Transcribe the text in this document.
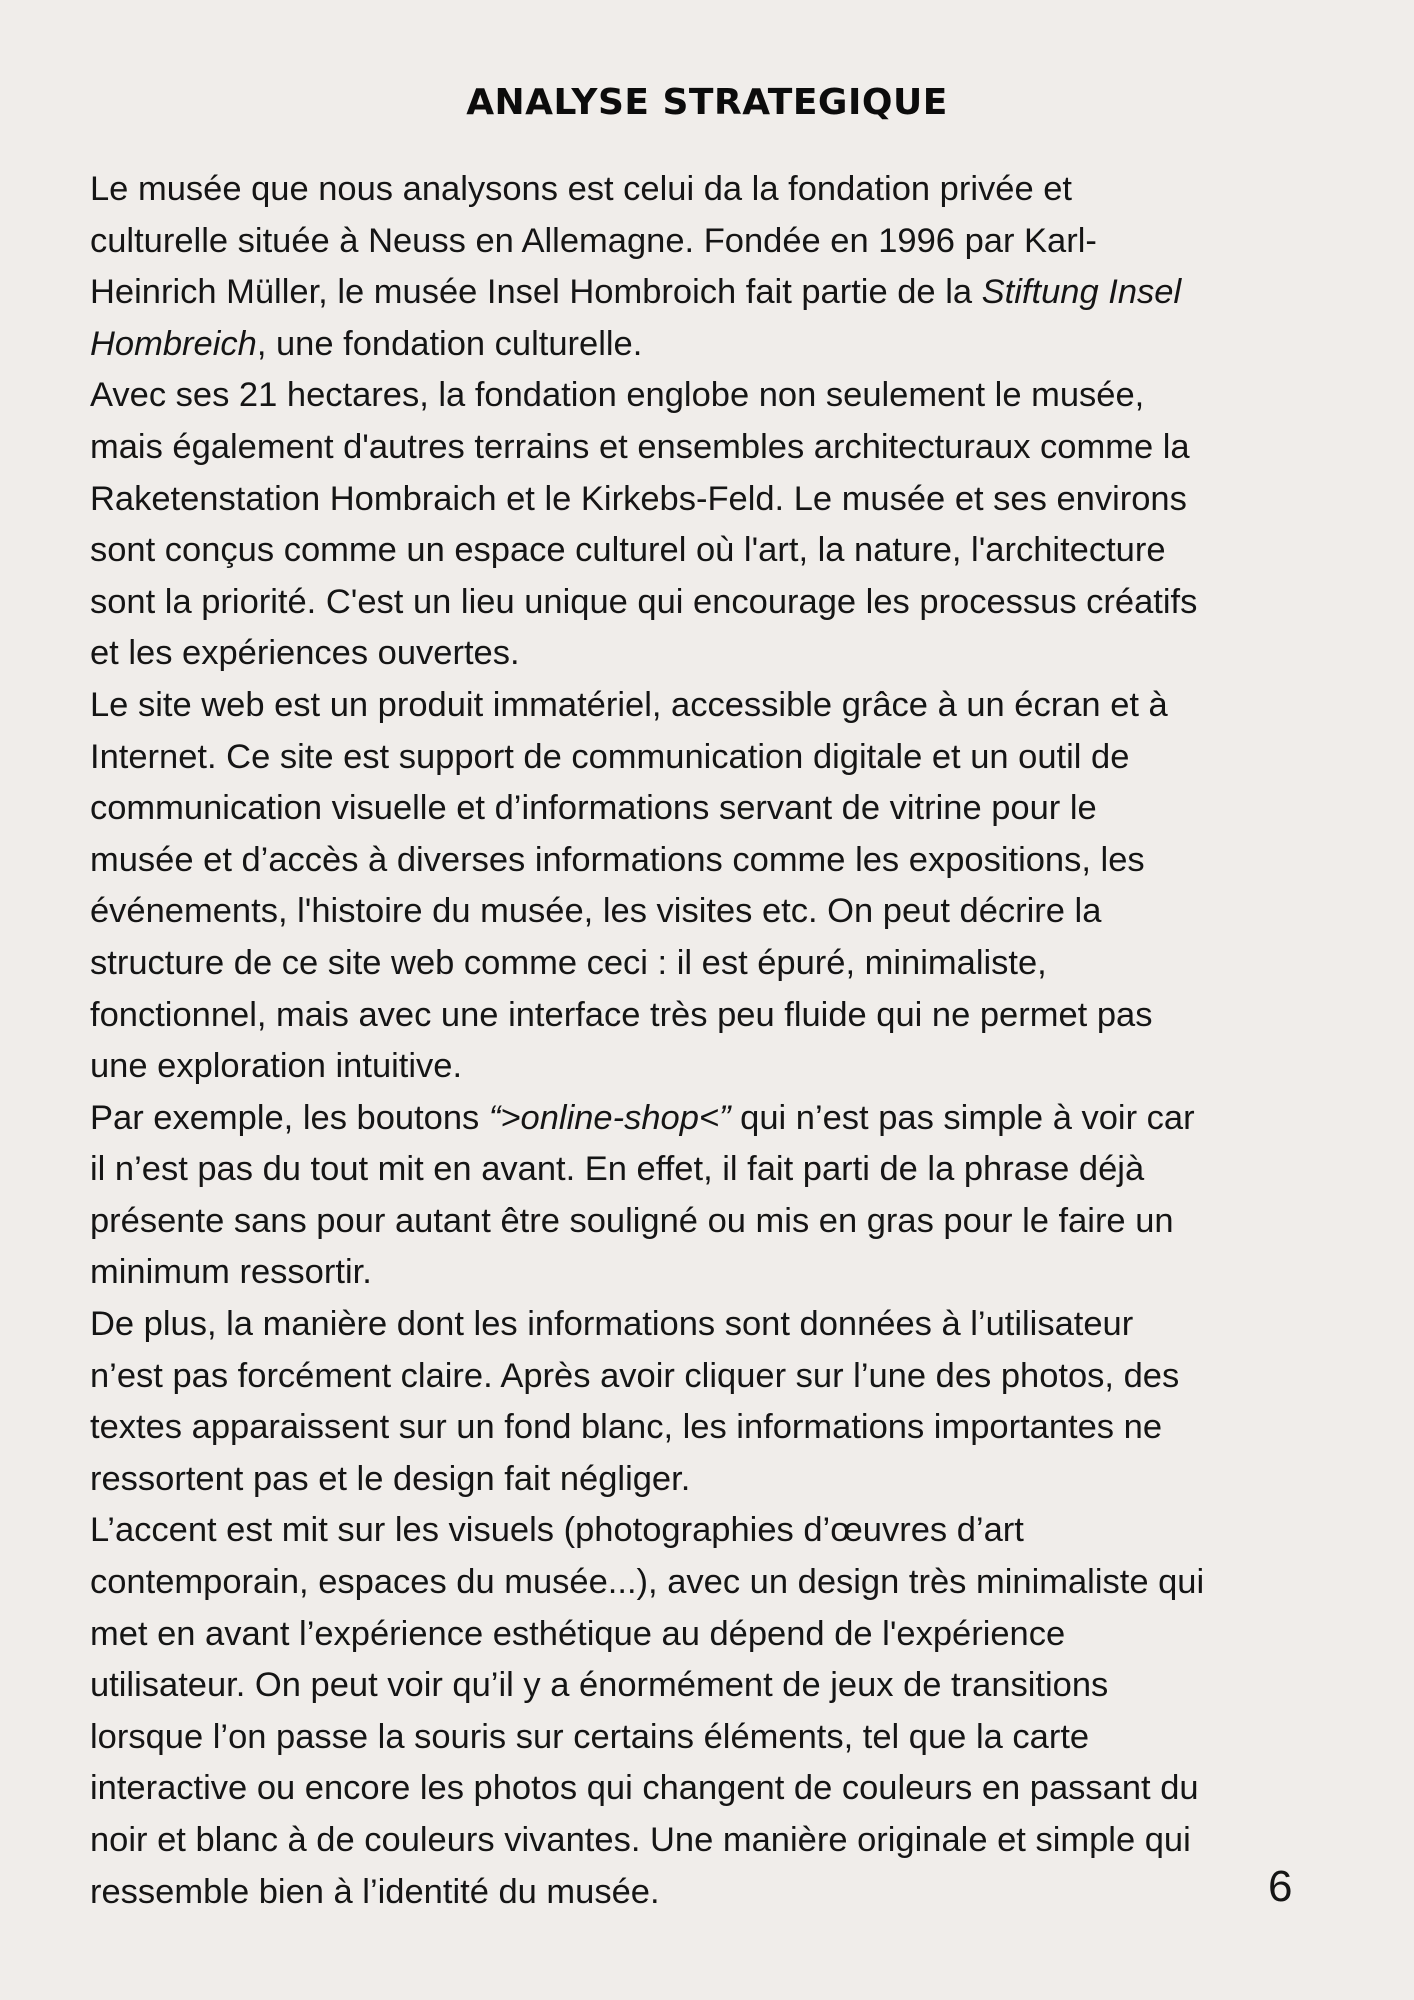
ANALYSE STRATEGIQUE
Le musée que nous analysons est celui da la fondation privée et
culturelle située à Neuss en Allemagne. Fondée en 1996 par Karl-
Heinrich Müller, le musée Insel Hombroich fait partie de la Stiftung Insel
Hombreich, une fondation culturelle.
Avec ses 21 hectares, la fondation englobe non seulement le musée,
mais également d'autres terrains et ensembles architecturaux comme la
Raketenstation Hombraich et le Kirkebs-Feld. Le musée et ses environs
sont conçus comme un espace culturel où l'art, la nature, l'architecture
sont la priorité. C'est un lieu unique qui encourage les processus créatifs
et les expériences ouvertes.
Le site web est un produit immatériel, accessible grâce à un écran et à
Internet. Ce site est support de communication digitale et un outil de
communication visuelle et d’informations servant de vitrine pour le
musée et d’accès à diverses informations comme les expositions, les
événements, l'histoire du musée, les visites etc. On peut décrire la
structure de ce site web comme ceci : il est épuré, minimaliste,
fonctionnel, mais avec une interface très peu fluide qui ne permet pas
une exploration intuitive.
Par exemple, les boutons “>online-shop<” qui n’est pas simple à voir car
il n’est pas du tout mit en avant. En effet, il fait parti de la phrase déjà
présente sans pour autant être souligné ou mis en gras pour le faire un
minimum ressortir.
De plus, la manière dont les informations sont données à l’utilisateur
n’est pas forcément claire. Après avoir cliquer sur l’une des photos, des
textes apparaissent sur un fond blanc, les informations importantes ne
ressortent pas et le design fait négliger.
L’accent est mit sur les visuels (photographies d’œuvres d’art
contemporain, espaces du musée...), avec un design très minimaliste qui
met en avant l’expérience esthétique au dépend de l'expérience
utilisateur. On peut voir qu’il y a énormément de jeux de transitions
lorsque l’on passe la souris sur certains éléments, tel que la carte
interactive ou encore les photos qui changent de couleurs en passant du
noir et blanc à de couleurs vivantes. Une manière originale et simple qui
ressemble bien à l’identité du musée.	6
